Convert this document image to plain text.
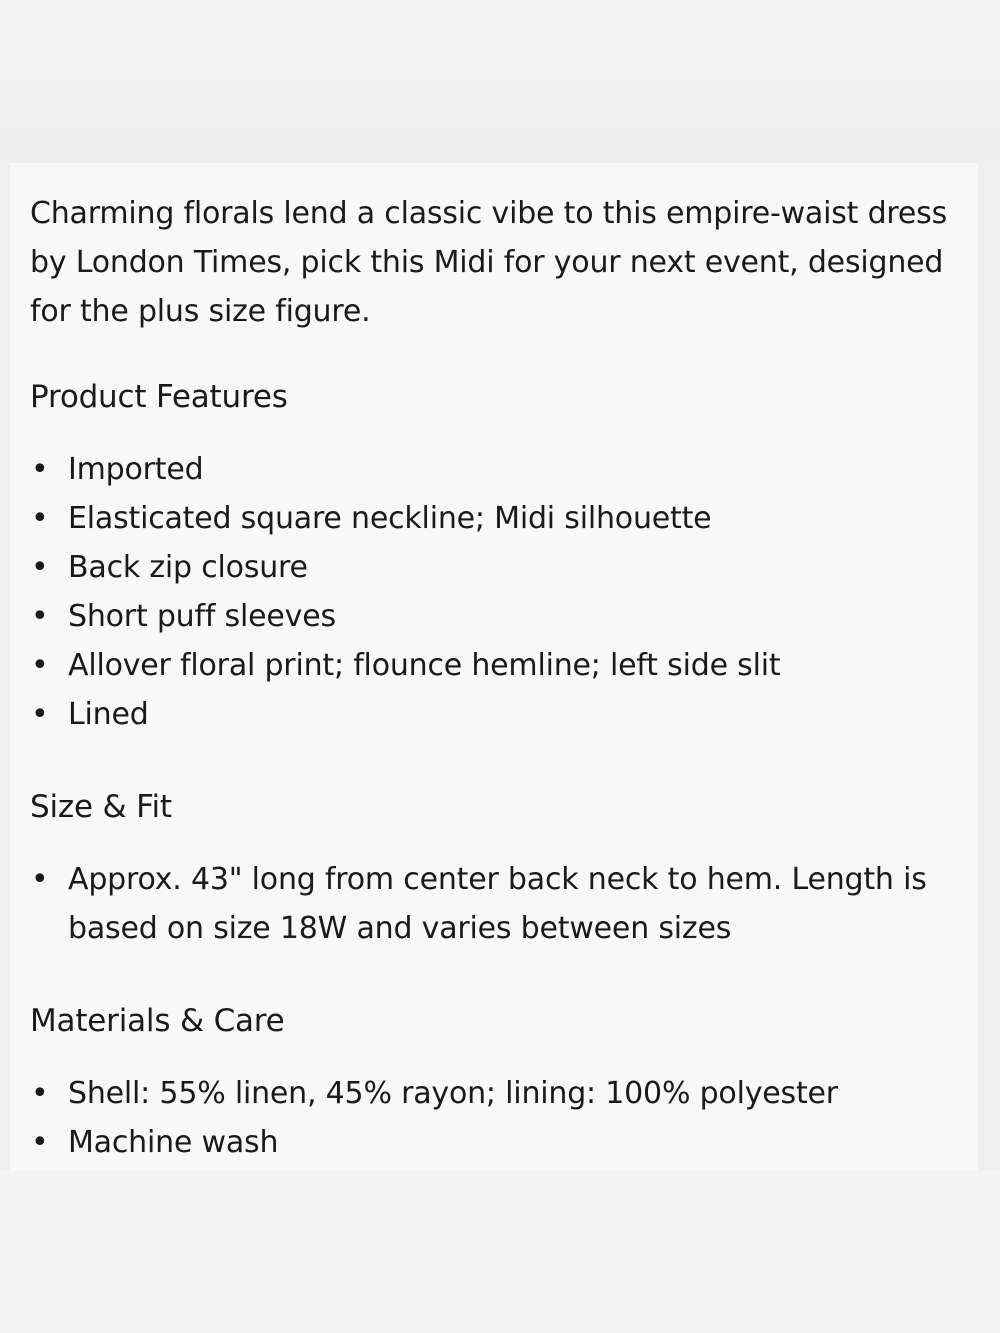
Charming florals lend a classic vibe to this empire-waist dress by London Times, pick this Midi for your next event, designed for the plus size figure.

Product Features
• Imported
• Elasticated square neckline; Midi silhouette
• Back zip closure
• Short puff sleeves
• Allover floral print; flounce hemline; left side slit
• Lined
Size & Fit
• Approx. 43" long from center back neck to hem. Length is based on size 18W and varies between sizes
Materials & Care
• Shell: 55% linen, 45% rayon; lining: 100% polyester
• Machine wash
